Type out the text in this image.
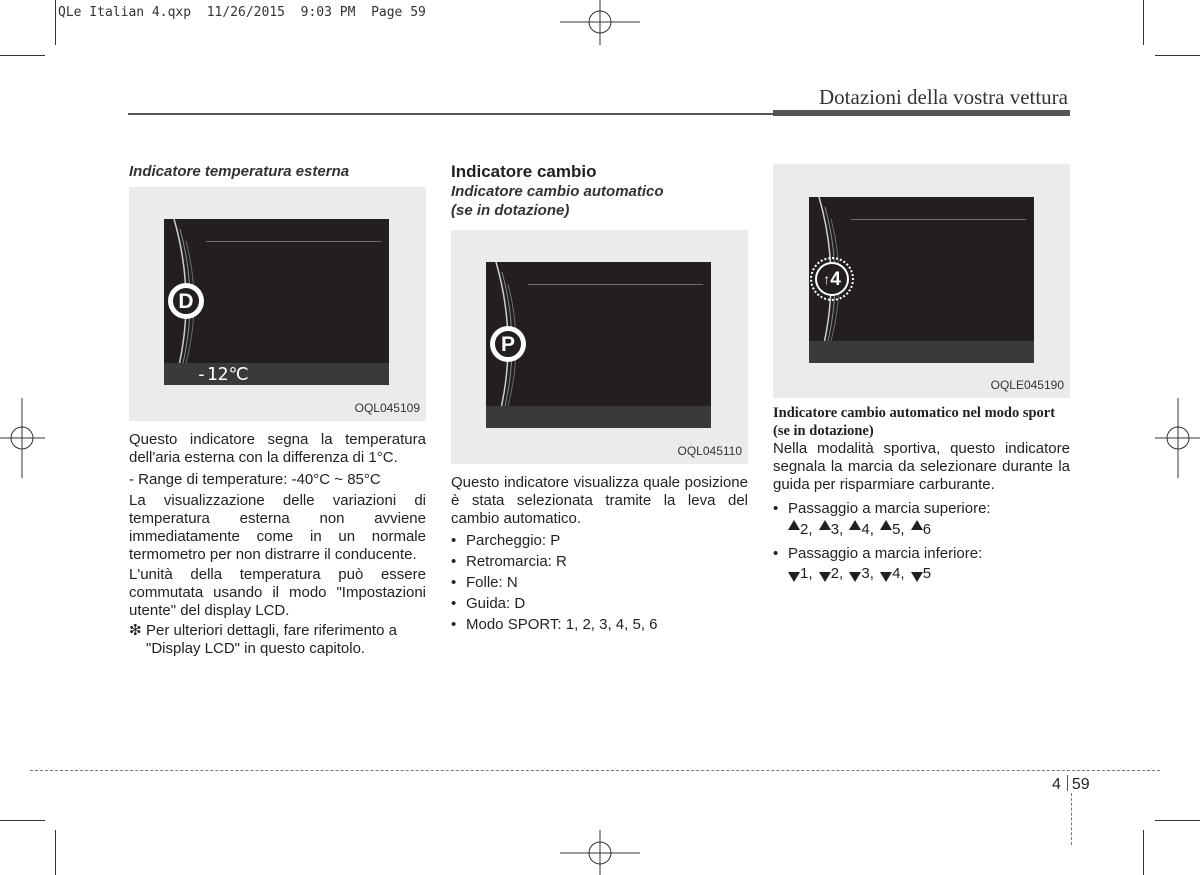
QLe Italian 4.qxp  11/26/2015  9:03 PM  Page 59
Dotazioni della vostra vettura
Indicatore temperatura esterna
D
-12℃
OQL045109

Questo indicatore segna la temperatura dell'aria esterna con la differenza di 1°C.

- Range di temperature: -40°C ~ 85°C

La visualizzazione delle variazioni di temperatura esterna non avviene immediatamente come in un normale termometro per non distrarre il conducente.

L'unità della temperatura può essere commutata usando il modo "Impostazioni utente" del display LCD.

❇ Per ulteriori dettagli, fare riferimento a "Display LCD" in questo capitolo.

Indicatore cambio
Indicatore cambio automatico
(se in dotazione)
P
OQL045110

Questo indicatore visualizza quale posizione è stata selezionata tramite la leva del cambio automatico.

• Parcheggio: P
• Retromarcia: R
• Folle: N
• Guida: D
• Modo SPORT: 1, 2, 3, 4, 5, 6
↑ 4
OQLE045190
Indicatore cambio automatico nel modo sport (se in dotazione)

Nella modalità sportiva, questo indicatore segnala la marcia da selezionare durante la guida per risparmiare carburante.

• Passaggio a marcia superiore:
2, 3, 4, 5, 6
• Passaggio a marcia inferiore:
1, 2, 3, 4, 5
4 59
